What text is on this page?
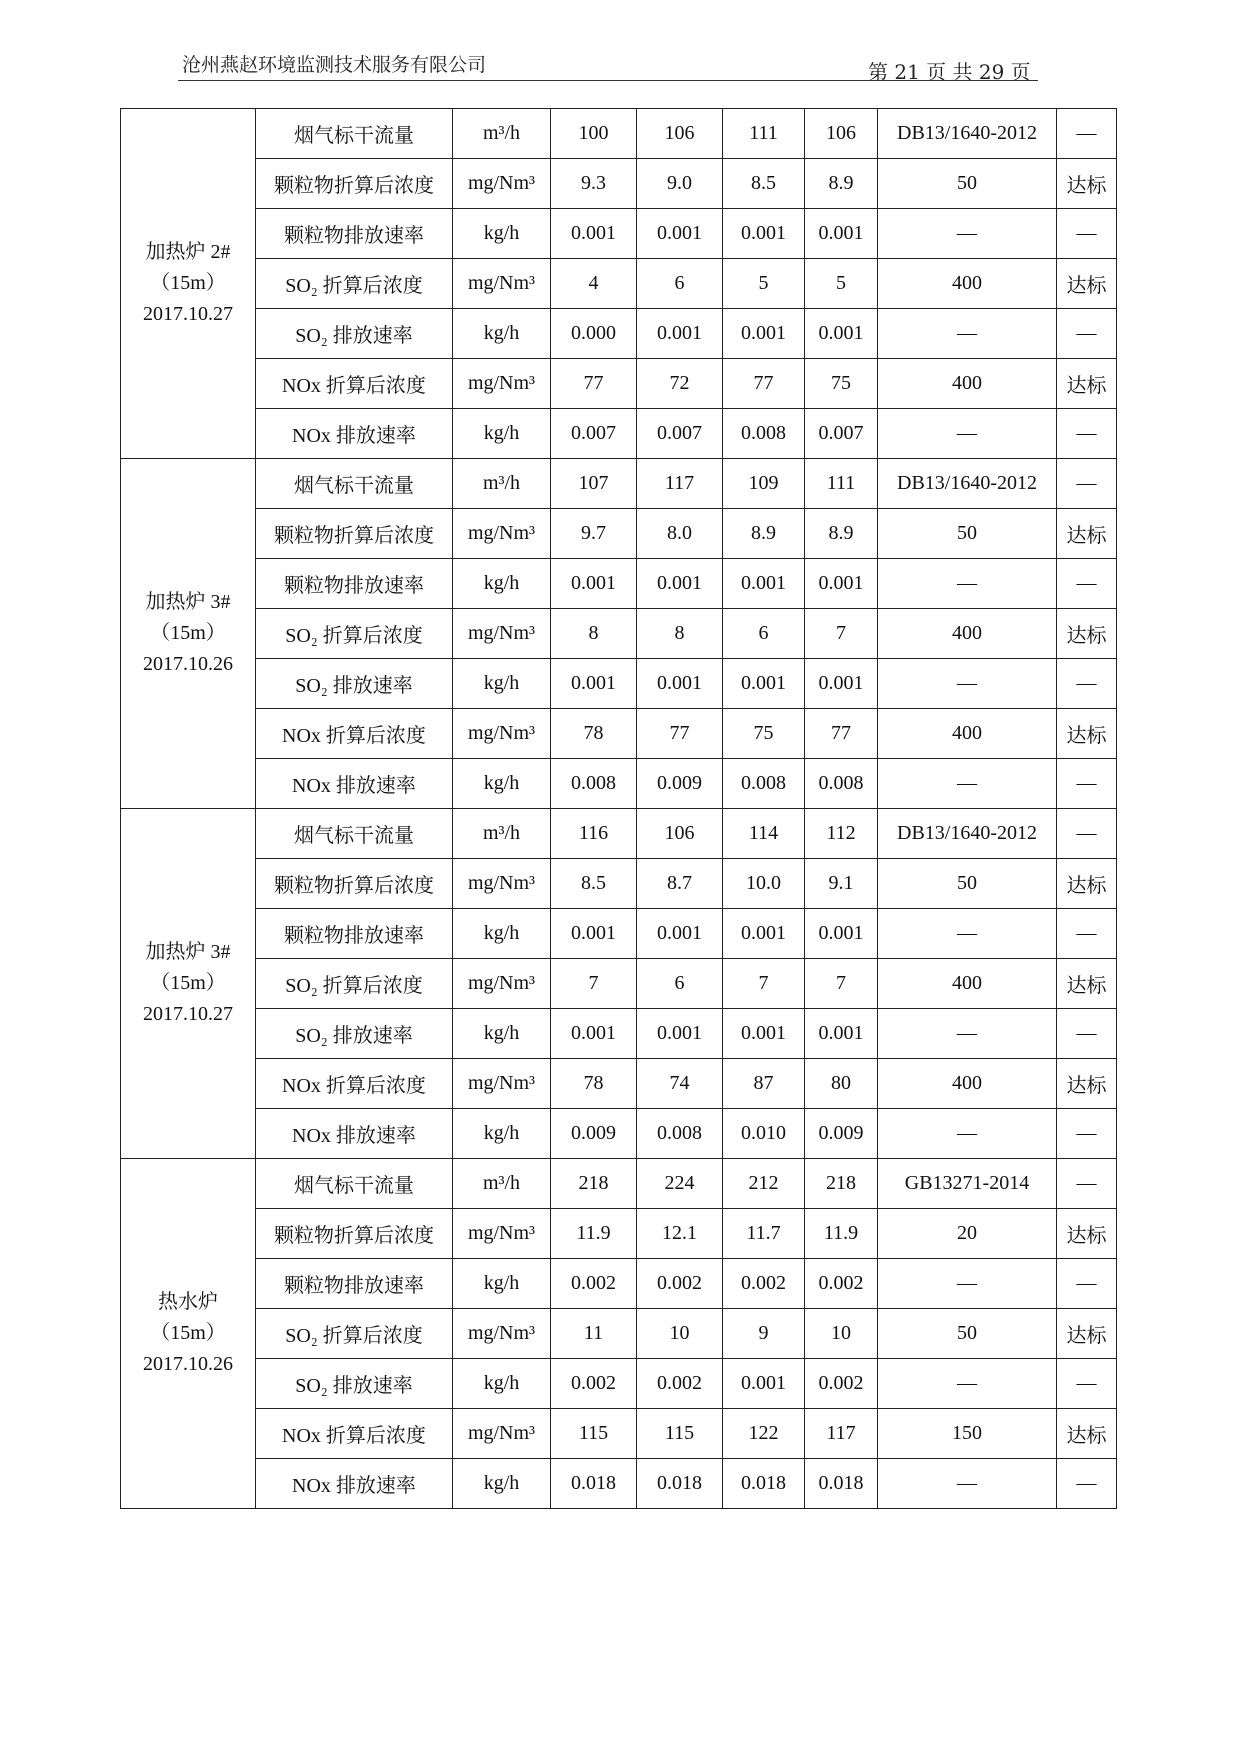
沧州燕赵环境监测技术服务有限公司	第 21 页 共 29 页
加热炉 2#
（15m）
2017.10.27	烟气标干流量	m³/h	100	106	111	106	DB13/1640-2012	—
	颗粒物折算后浓度	mg/Nm³	9.3	9.0	8.5	8.9	50	达标
	颗粒物排放速率	kg/h	0.001	0.001	0.001	0.001	—	—
	SO₂ 折算后浓度	mg/Nm³	4	6	5	5	400	达标
	SO₂ 排放速率	kg/h	0.000	0.001	0.001	0.001	—	—
	NOx 折算后浓度	mg/Nm³	77	72	77	75	400	达标
	NOx 排放速率	kg/h	0.007	0.007	0.008	0.007	—	—

加热炉 3#
（15m）
2017.10.26	烟气标干流量	m³/h	107	117	109	111	DB13/1640-2012	—
	颗粒物折算后浓度	mg/Nm³	9.7	8.0	8.9	8.9	50	达标
	颗粒物排放速率	kg/h	0.001	0.001	0.001	0.001	—	—
	SO₂ 折算后浓度	mg/Nm³	8	8	6	7	400	达标
	SO₂ 排放速率	kg/h	0.001	0.001	0.001	0.001	—	—
	NOx 折算后浓度	mg/Nm³	78	77	75	77	400	达标
	NOx 排放速率	kg/h	0.008	0.009	0.008	0.008	—	—

加热炉 3#
（15m）
2017.10.27	烟气标干流量	m³/h	116	106	114	112	DB13/1640-2012	—
	颗粒物折算后浓度	mg/Nm³	8.5	8.7	10.0	9.1	50	达标
	颗粒物排放速率	kg/h	0.001	0.001	0.001	0.001	—	—
	SO₂ 折算后浓度	mg/Nm³	7	6	7	7	400	达标
	SO₂ 排放速率	kg/h	0.001	0.001	0.001	0.001	—	—
	NOx 折算后浓度	mg/Nm³	78	74	87	80	400	达标
	NOx 排放速率	kg/h	0.009	0.008	0.010	0.009	—	—

热水炉
（15m）
2017.10.26	烟气标干流量	m³/h	218	224	212	218	GB13271-2014	—
	颗粒物折算后浓度	mg/Nm³	11.9	12.1	11.7	11.9	20	达标
	颗粒物排放速率	kg/h	0.002	0.002	0.002	0.002	—	—
	SO₂ 折算后浓度	mg/Nm³	11	10	9	10	50	达标
	SO₂ 排放速率	kg/h	0.002	0.002	0.001	0.002	—	—
	NOx 折算后浓度	mg/Nm³	115	115	122	117	150	达标
	NOx 排放速率	kg/h	0.018	0.018	0.018	0.018	—	—
